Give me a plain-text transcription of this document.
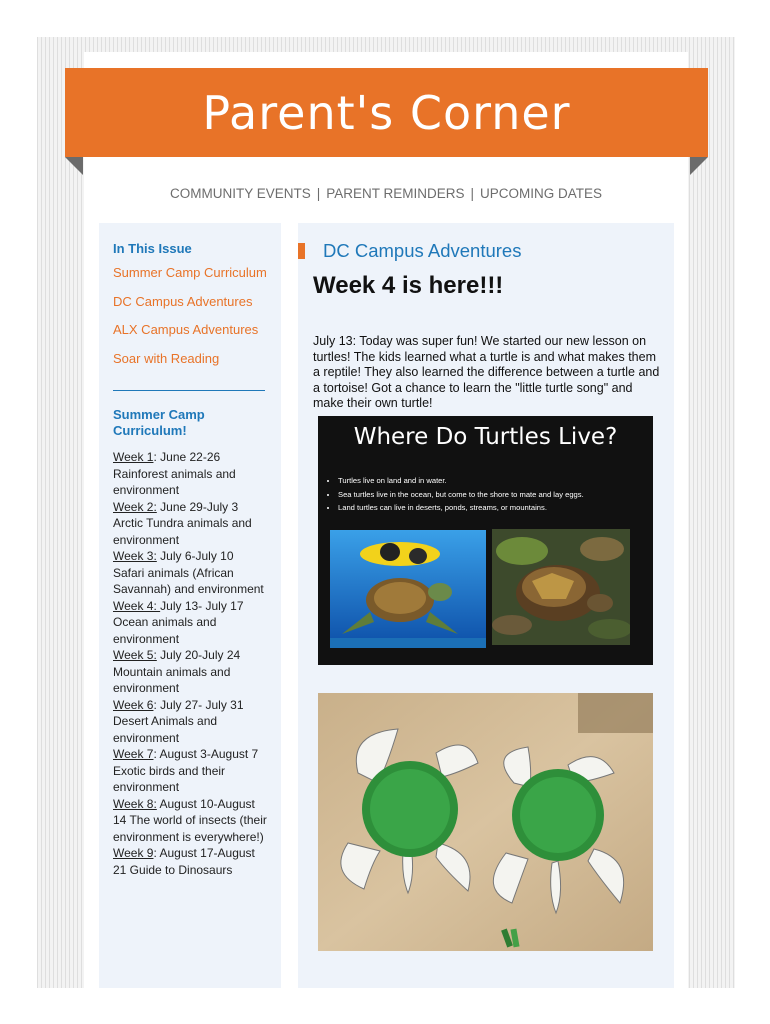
Parent's Corner
COMMUNITY EVENTS | PARENT REMINDERS | UPCOMING DATES
In This Issue
Summer Camp Curriculum
DC Campus Adventures
ALX Campus Adventures
Soar with Reading
Summer Camp Curriculum!
Week 1: June 22-26 Rainforest animals and environment
Week 2: June 29-July 3 Arctic Tundra animals and environment
Week 3: July 6-July 10 Safari animals (African Savannah) and environment
Week 4: July 13- July 17 Ocean animals and environment
Week 5: July 20-July 24 Mountain animals and environment
Week 6: July 27- July 31 Desert Animals and environment
Week 7: August 3-August 7 Exotic birds and their environment
Week 8: August 10-August 14 The world of insects (their environment is everywhere!)
Week 9: August 17-August 21 Guide to Dinosaurs
DC Campus Adventures
Week 4 is here!!!
July 13: Today was super fun! We started our new lesson on turtles! The kids learned what a turtle is and what makes them a reptile! They also learned the difference between a turtle and a tortoise! Got a chance to learn the "little turtle song" and make their own turtle!
Where Do Turtles Live?
• Turtles live on land and in water.
• Sea turtles live in the ocean, but come to the shore to mate and lay eggs.
• Land turtles can live in deserts, ponds, streams, or mountains.
